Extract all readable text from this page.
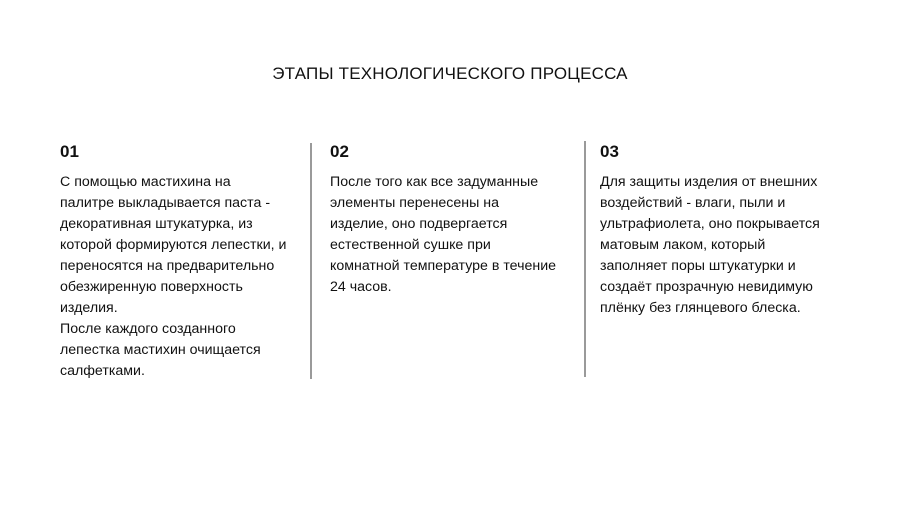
ЭТАПЫ ТЕХНОЛОГИЧЕСКОГО ПРОЦЕССА
01

С помощью мастихина на
палитре выкладывается паста -
декоративная штукатурка, из
которой формируются лепестки, и
переносятся на предварительно
обезжиренную поверхность
изделия.
После каждого созданного
лепестка мастихин очищается
салфетками.

02

После того как все задуманные
элементы перенесены на
изделие, оно подвергается
естественной сушке при
комнатной температуре в течение
24 часов.

03

Для защиты изделия от внешних
воздействий - влаги, пыли и
ультрафиолета, оно покрывается
матовым лаком, который
заполняет поры штукатурки и
создаёт прозрачную невидимую
плёнку без глянцевого блеска.
